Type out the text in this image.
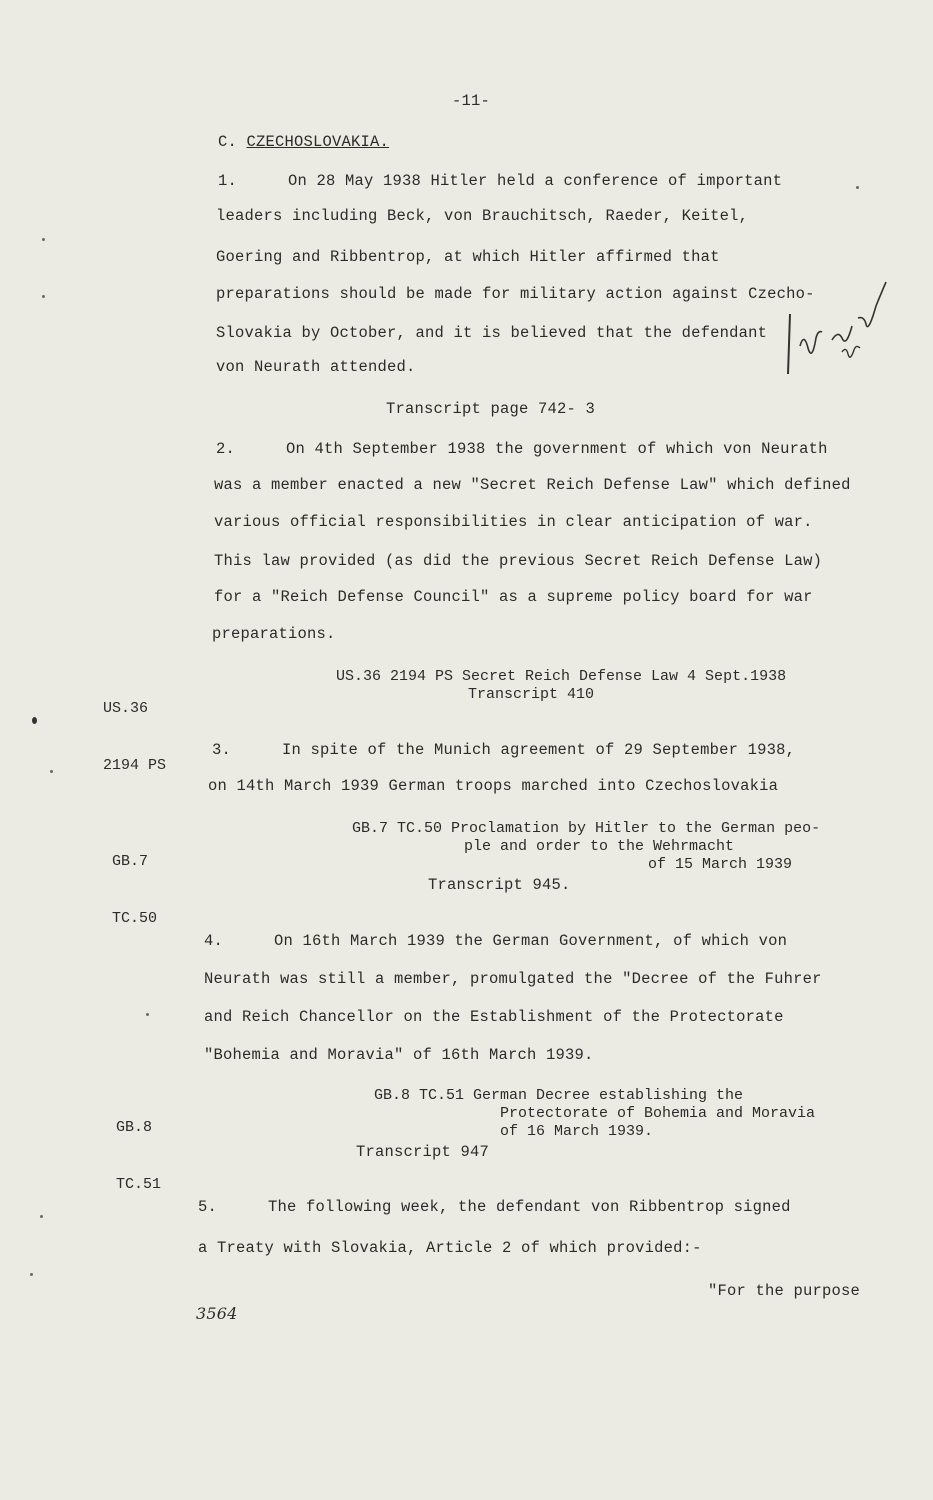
-11-
C. CZECHOSLOVAKIA.
1.	On 28 May 1938 Hitler held a conference of important
leaders including Beck, von Brauchitsch, Raeder, Keitel,
Goering and Ribbentrop, at which Hitler affirmed that
preparations should be made for military action against Czecho-
Slovakia by October, and it is believed that the defendant
von Neurath attended.
Transcript page 742- 3
2.	On 4th September 1938 the government of which von Neurath
was a member enacted a new "Secret Reich Defense Law" which defined
various official responsibilities in clear anticipation of war.
This law provided (as did the previous Secret Reich Defense Law)
for a "Reich Defense Council" as a supreme policy board for war
preparations.

US.36

2194 PS

US.36 2194 PS Secret Reich Defense Law 4 Sept.1938
Transcript 410
3.	In spite of the Munich agreement of 29 September 1938,
on 14th March 1939 German troops marched into Czechoslovakia

GB.7

TC.50

GB.7 TC.50 Proclamation by Hitler to the German peo-
ple and order to the Wehrmacht
of 15 March 1939
Transcript 945.
4.	On 16th March 1939 the German Government, of which von
Neurath was still a member, promulgated the "Decree of the Fuhrer
and Reich Chancellor on the Establishment of the Protectorate
"Bohemia and Moravia" of 16th March 1939.

GB.8

TC.51

GB.8 TC.51 German Decree establishing the
Protectorate of Bohemia and Moravia
of 16 March 1939.
Transcript 947
5.	The following week, the defendant von Ribbentrop signed
a Treaty with Slovakia, Article 2 of which provided:-
"For the purpose
3564
